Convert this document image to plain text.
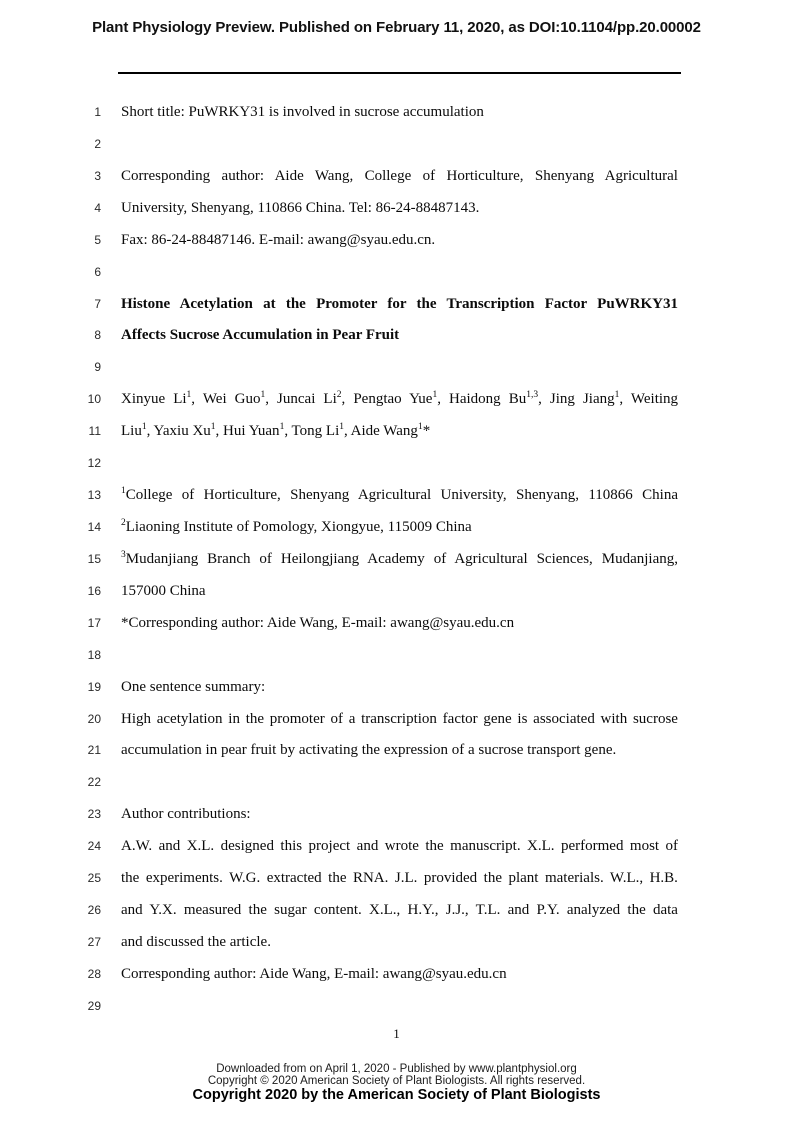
Plant Physiology Preview. Published on February 11, 2020, as DOI:10.1104/pp.20.00002
1 Short title: PuWRKY31 is involved in sucrose accumulation
2
3 Corresponding author: Aide Wang, College of Horticulture, Shenyang Agricultural
4 University, Shenyang, 110866 China. Tel: 86-24-88487143.
5 Fax: 86-24-88487146. E-mail: awang@syau.edu.cn.
6
7 Histone Acetylation at the Promoter for the Transcription Factor PuWRKY31
8 Affects Sucrose Accumulation in Pear Fruit
9
10 Xinyue Li$^1$, Wei Guo$^1$, Juncai Li$^2$, Pengtao Yue$^1$, Haidong Bu$^{1,3}$, Jing Jiang$^1$, Weiting
11 Liu$^1$, Yaxiu Xu$^1$, Hui Yuan$^1$, Tong Li$^1$, Aide Wang$^1$*
12
13 $^1$College of Horticulture, Shenyang Agricultural University, Shenyang, 110866 China
14 $^2$Liaoning Institute of Pomology, Xiongyue, 115009 China
15 $^3$Mudanjiang Branch of Heilongjiang Academy of Agricultural Sciences, Mudanjiang,
16 157000 China
17 *Corresponding author: Aide Wang, E-mail: awang@syau.edu.cn
18
19 One sentence summary:
20 High acetylation in the promoter of a transcription factor gene is associated with sucrose
21 accumulation in pear fruit by activating the expression of a sucrose transport gene.
22
23 Author contributions:
24 A.W. and X.L. designed this project and wrote the manuscript. X.L. performed most of
25 the experiments. W.G. extracted the RNA. J.L. provided the plant materials. W.L., H.B.
26 and Y.X. measured the sugar content. X.L., H.Y., J.J., T.L. and P.Y. analyzed the data
27 and discussed the article.
28 Corresponding author: Aide Wang, E-mail: awang@syau.edu.cn
29
1
Downloaded from on April 1, 2020 - Published by www.plantphysiol.org
Copyright © 2020 American Society of Plant Biologists. All rights reserved.
Copyright 2020 by the American Society of Plant Biologists
